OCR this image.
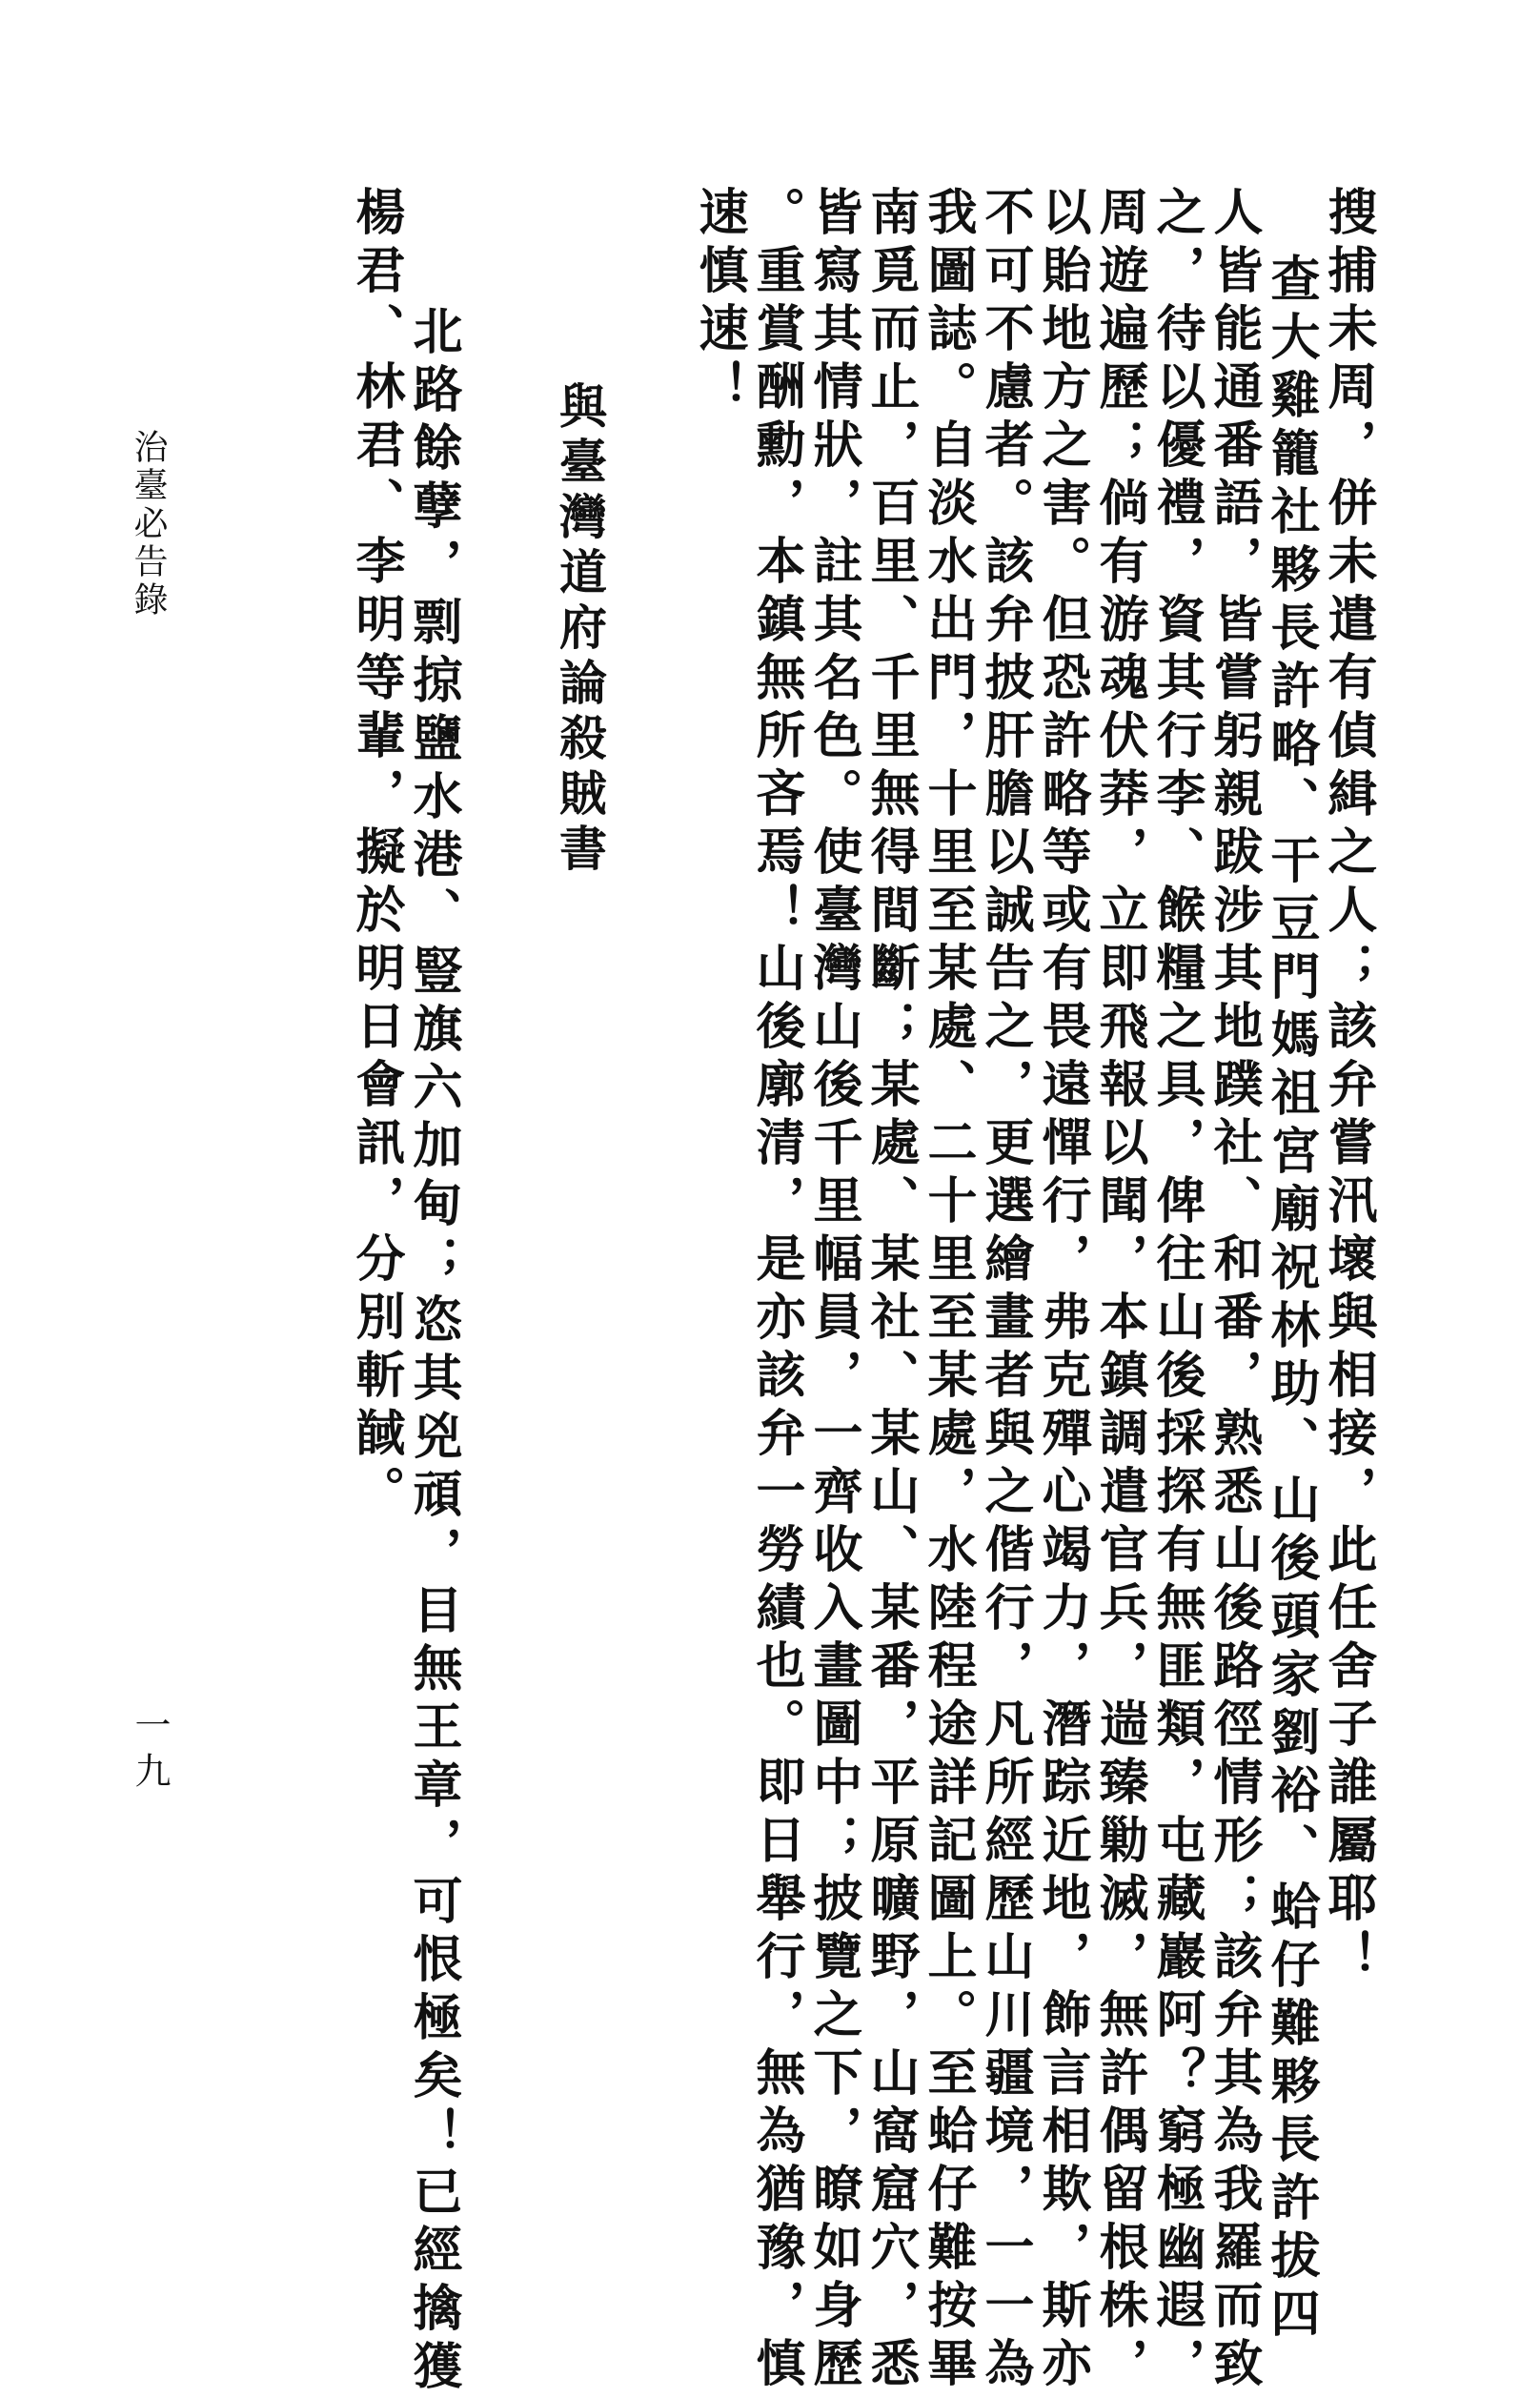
搜捕未周，併未遣有偵緝之人；該弁嘗汛壞與相接，此任舍子誰屬耶！
查大雞籠社夥長許略、干豆門媽祖宮廟祝林助、山後頭家劉裕、蛤仔難夥長許拔四
人皆能通番語，皆嘗躬親跋涉其地蹼社、和番，熟悉山後路徑情形；該弁其為我羅而致
之，待以優禮，資其行李、餱糧之具，俾往山後採探有無匪類，屯藏巖阿？窮極幽遐，
周遊遍歷；倘有游魂伏莽，立即飛報以聞，本鎮調遣官兵，遄臻勦滅，無許偶留根株，
以貽地方之害。但恐許略等或有畏遠憚行，弗克殫心竭力，潛踪近地，飾言相欺，斯亦
不可不慮者。該弁披肝膽以誠告之，更選繪畫者與之偕行，凡所經歷山川疆境，一一為
我圖誌。自淡水出門，十里至某處、二十里至某處，水陸程途詳記圖上。至蛤仔難按畢
南覓而止，百里、千里無得間斷；某處、某社、某山、某番，平原曠野，山窩窟穴，悉
皆寫其情狀，註其名色。使臺灣山後千里幅員，一齊收入畫圖中；披覽之下，瞭如身歷
。重賞酬勳，本鎮無所吝焉！山後廓清，是亦該弁一勞績也。即日舉行，無為猶豫，慎
速慎速！
與臺灣道府論殺賊書
北路餘孽，剽掠鹽水港、豎旗六加甸；恣其兇頑，目無王章，可恨極矣！已經擒獲
楊君、林君、李明等輩，擬於明日會訊，分別斬馘。
治臺必告錄
一九
